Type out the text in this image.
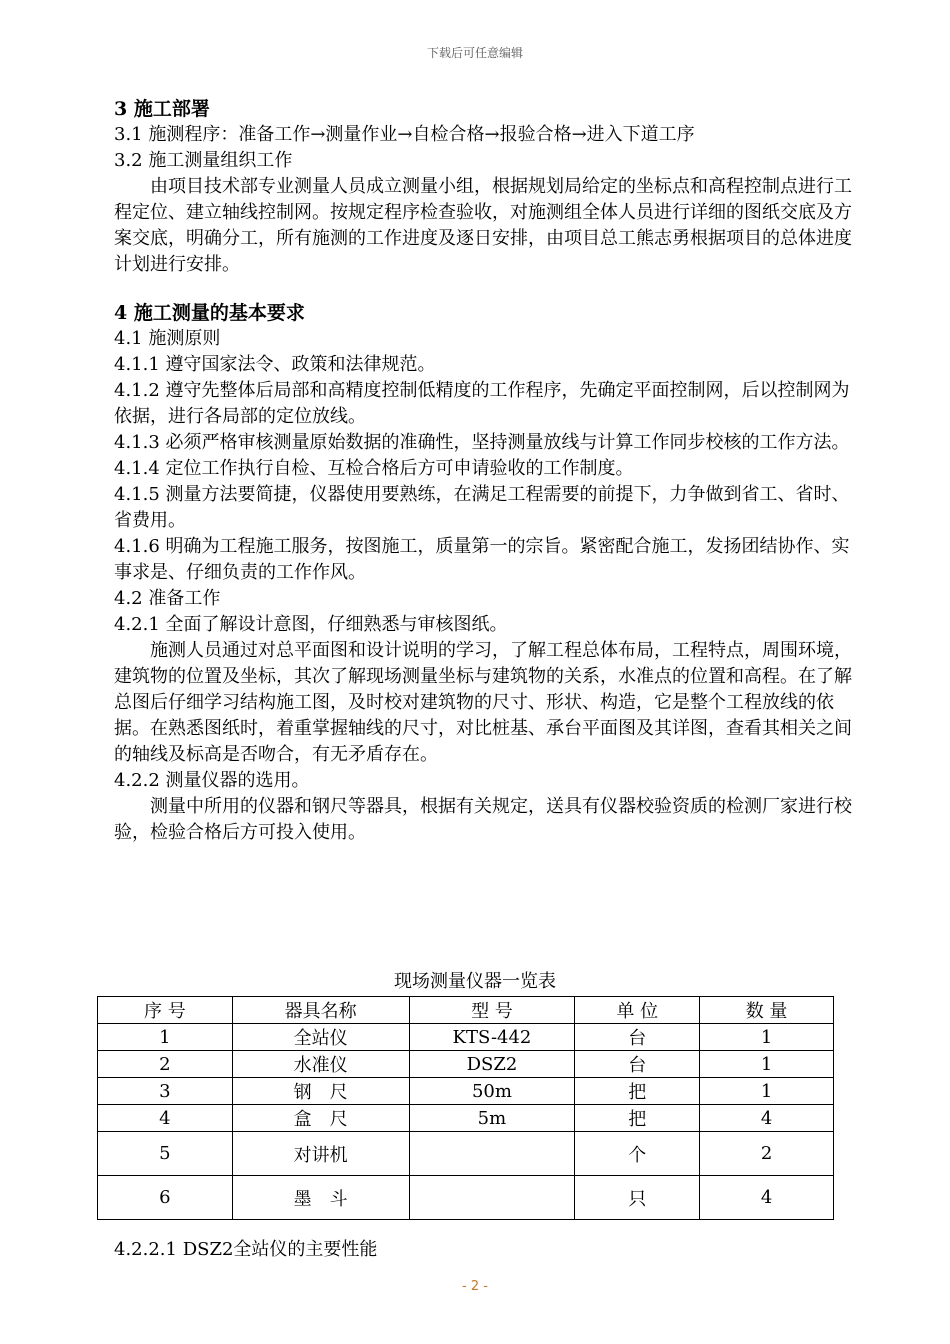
下载后可任意编辑

3 施工部署

3.1 施测程序：准备工作→测量作业→自检合格→报验合格→进入下道工序

3.2 施工测量组织工作

由项目技术部专业测量人员成立测量小组，根据规划局给定的坐标点和高程控制点进行工程定位、建立轴线控制网。按规定程序检查验收，对施测组全体人员进行详细的图纸交底及方案交底，明确分工，所有施测的工作进度及逐日安排，由项目总工熊志勇根据项目的总体进度计划进行安排。

4 施工测量的基本要求

4.1 施测原则

4.1.1 遵守国家法令、政策和法律规范。

4.1.2 遵守先整体后局部和高精度控制低精度的工作程序，先确定平面控制网，后以控制网为依据，进行各局部的定位放线。

4.1.3 必须严格审核测量原始数据的准确性，坚持测量放线与计算工作同步校核的工作方法。

4.1.4 定位工作执行自检、互检合格后方可申请验收的工作制度。

4.1.5 测量方法要简捷，仪器使用要熟练，在满足工程需要的前提下，力争做到省工、省时、省费用。

4.1.6 明确为工程施工服务，按图施工，质量第一的宗旨。紧密配合施工，发扬团结协作、实事求是、仔细负责的工作作风。

4.2 准备工作

4.2.1 全面了解设计意图，仔细熟悉与审核图纸。

施测人员通过对总平面图和设计说明的学习，了解工程总体布局，工程特点，周围环境，建筑物的位置及坐标，其次了解现场测量坐标与建筑物的关系，水准点的位置和高程。在了解总图后仔细学习结构施工图，及时校对建筑物的尺寸、形状、构造，它是整个工程放线的依据。在熟悉图纸时，着重掌握轴线的尺寸，对比桩基、承台平面图及其详图，查看其相关之间的轴线及标高是否吻合，有无矛盾存在。

4.2.2 测量仪器的选用。

测量中所用的仪器和钢尺等器具，根据有关规定，送具有仪器校验资质的检测厂家进行校验，检验合格后方可投入使用。

现场测量仪器一览表
序 号	器具名称	型 号	单 位	数 量
1	全站仪	KTS-442	台	1
2	水准仪	DSZ2	台	1
3	钢　尺	50m	把	1
4	盒　尺	5m	把	4
5	对讲机		个	2
6	墨　斗		只	4
4.2.2.1 DSZ2全站仪的主要性能
- 2 -
